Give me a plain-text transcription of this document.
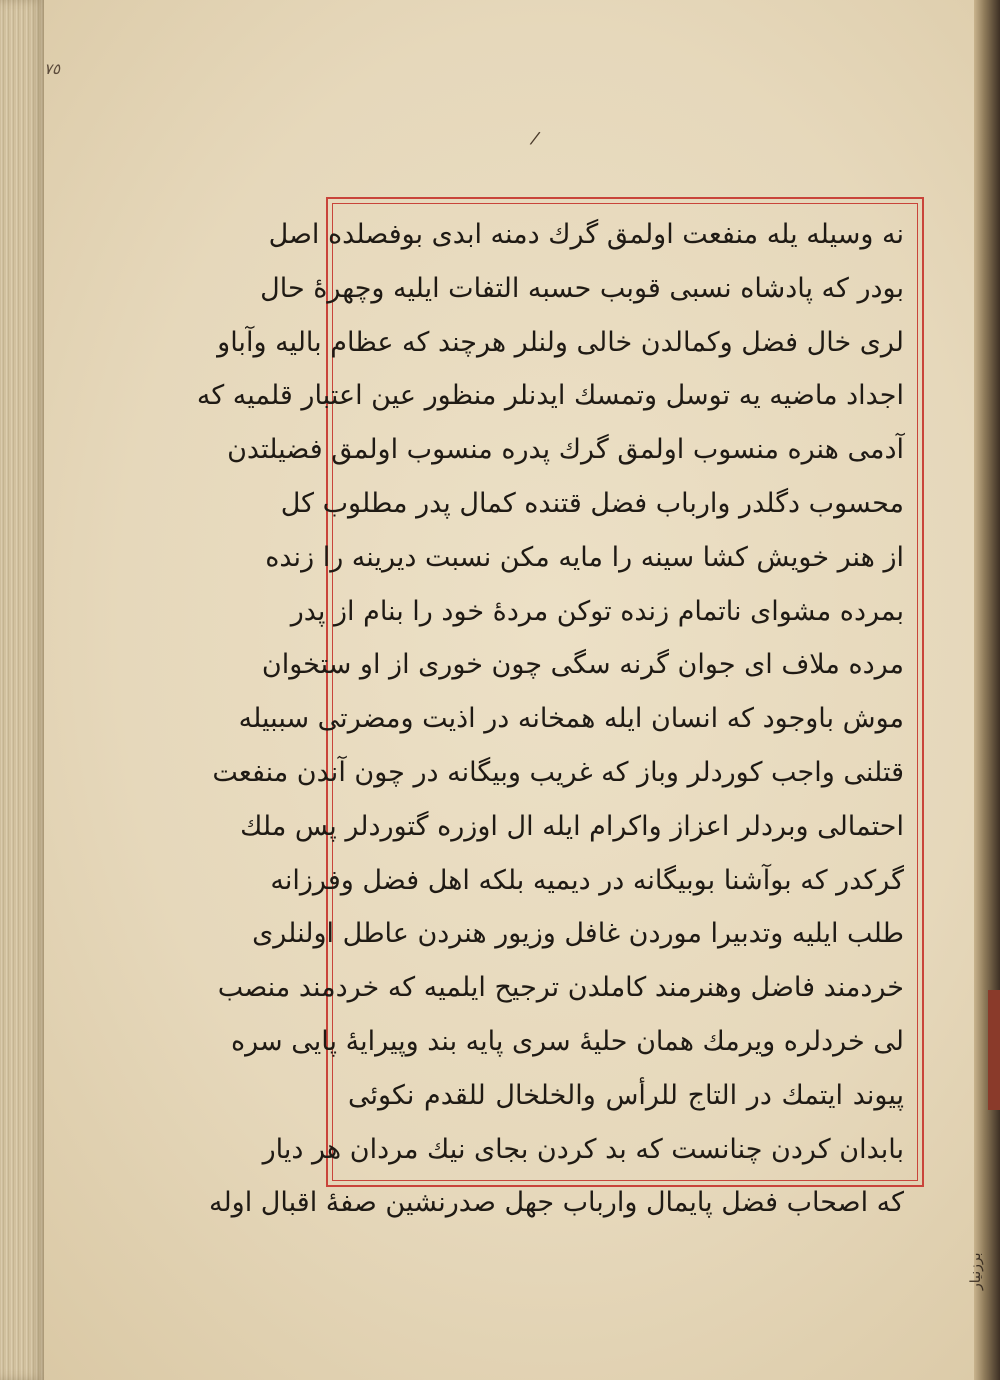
٧٥
/
نه وسیله یله منفعت اولمق گرك دمنه ابدی بوفصلده اصل
بودر كه پادشاه نسبی قوبب حسبه التفات ایلیه وچهرهٔ حال
لری خال فضل وكمالدن خالی ولنلر هرچند كه عظام بالیه وآباو
اجداد ماضیه یه توسل وتمسك ایدنلر منظور عین اعتبار قلمیه كه
آدمی هنره منسوب اولمق گرك پدره منسوب اولمق فضیلتدن
محسوب دگلدر وارباب فضل قتنده كمال پدر مطلوب كل
از هنر خویش كشا سینه را مایه مكن نسبت دیرینه را زنده
بمرده مشوای ناتمام زنده توكن مردهٔ خود را بنام از پدر
مرده ملاف ای جوان گرنه سگی چون خوری از او ستخوان
موش باوجود كه انسان ایله همخانه در اذیت ومضرتی سببیله
قتلنی واجب كوردلر وباز كه غریب وبیگانه در چون آندن منفعت
احتمالی وبردلر اعزاز واكرام ایله ال اوزره گتوردلر پس ملك
گركدر كه بوآشنا بوبیگانه در دیمیه بلكه اهل فضل وفرزانه
طلب ایلیه وتدبیرا موردن غافل وزیور هنردن عاطل اولنلری
خردمند فاضل وهنرمند كاملدن ترجیح ایلمیه كه خردمند منصب
لی خردلره ویرمك همان حلیهٔ سری پایه بند وپیرایهٔ پایی سره
پیوند ایتمك در التاج للرأس والخلخال للقدم نكوئی
بابدان كردن چنانست كه بد كردن بجای نیك مردان هر دیار
كه اصحاب فضل پایمال وارباب جهل صدرنشین صفهٔ اقبال اوله
برزنیار
